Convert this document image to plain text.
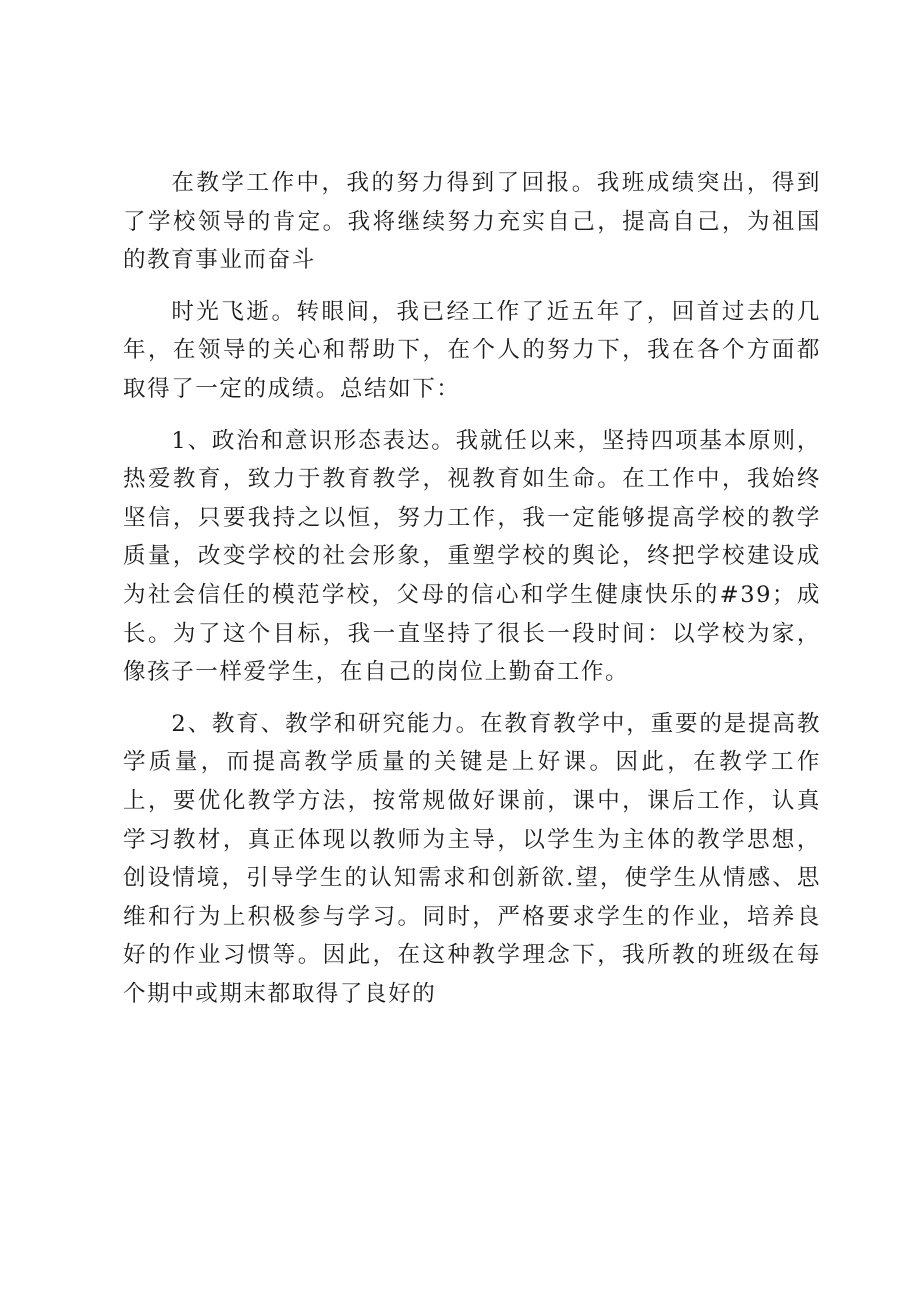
在教学工作中，我的努力得到了回报。我班成绩突出，得到了学校领导的肯定。我将继续努力充实自己，提高自己，为祖国的教育事业而奋斗

时光飞逝。转眼间，我已经工作了近五年了，回首过去的几年，在领导的关心和帮助下，在个人的努力下，我在各个方面都取得了一定的成绩。总结如下：

1、政治和意识形态表达。我就任以来，坚持四项基本原则，热爱教育，致力于教育教学，视教育如生命。在工作中，我始终坚信，只要我持之以恒，努力工作，我一定能够提高学校的教学质量，改变学校的社会形象，重塑学校的舆论，终把学校建设成为社会信任的模范学校，父母的信心和学生健康快乐的#39；成长。为了这个目标，我一直坚持了很长一段时间：以学校为家，像孩子一样爱学生，在自己的岗位上勤奋工作。

2、教育、教学和研究能力。在教育教学中，重要的是提高教学质量，而提高教学质量的关键是上好课。因此，在教学工作上，要优化教学方法，按常规做好课前，课中，课后工作，认真学习教材，真正体现以教师为主导，以学生为主体的教学思想，创设情境，引导学生的认知需求和创新欲.望，使学生从情感、思维和行为上积极参与学习。同时，严格要求学生的作业，培养良好的作业习惯等。因此，在这种教学理念下，我所教的班级在每个期中或期末都取得了良好的
